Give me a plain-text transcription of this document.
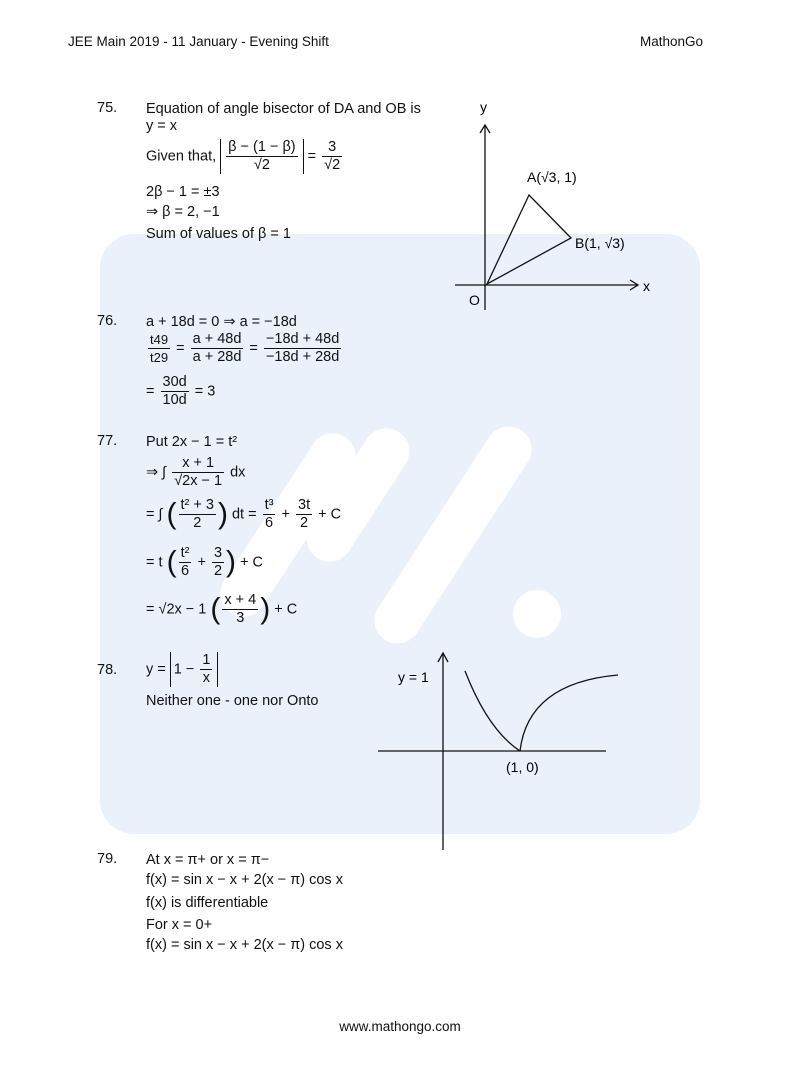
JEE Main 2019 - 11 January - Evening Shift	MathonGo
75. Equation of angle bisector of DA and OB is
y = x
Given that, $\frac{\beta - (1 - \beta)}{√2} = \frac{3}{√2}$
2β − 1 = ±3
⇒ β = 2, −1
Sum of values of β = 1
y
x
O
A(√3, 1)
B(1, √3)
76. a + 18d = 0 ⇒ a = −18d
$\frac{t49}{t29} = \frac{a + 48d}{a + 28d} = \frac{-18d + 48d}{-18d + 28d}$
= $\frac{30d}{10d} = 3$
77. Put 2x − 1 = t²
⇒ ∫ $\frac{x + 1}{√2x - 1}$ dx
= ∫ ( $\frac{\text{t² + 3}}{2}$ ) dt = $\frac{\text{t³}}{6} + \frac{3t}{2} + C$
= t ( $\frac{\text{t²}}{6} + \frac{3}{2}$ ) + C
= √2x − 1 ( $\frac{x + 4}{3}$ ) + C
78. $y = 1 - \frac{1}{x}$
Neither one - one nor Onto
y = 1
(1, 0)
79. At x = π+ or x = π−
f(x) = sin x − x + 2(x − π) cos x
f(x) is differentiable
For x = 0+
f(x) = sin x − x + 2(x − π) cos x
www.mathongo.com
